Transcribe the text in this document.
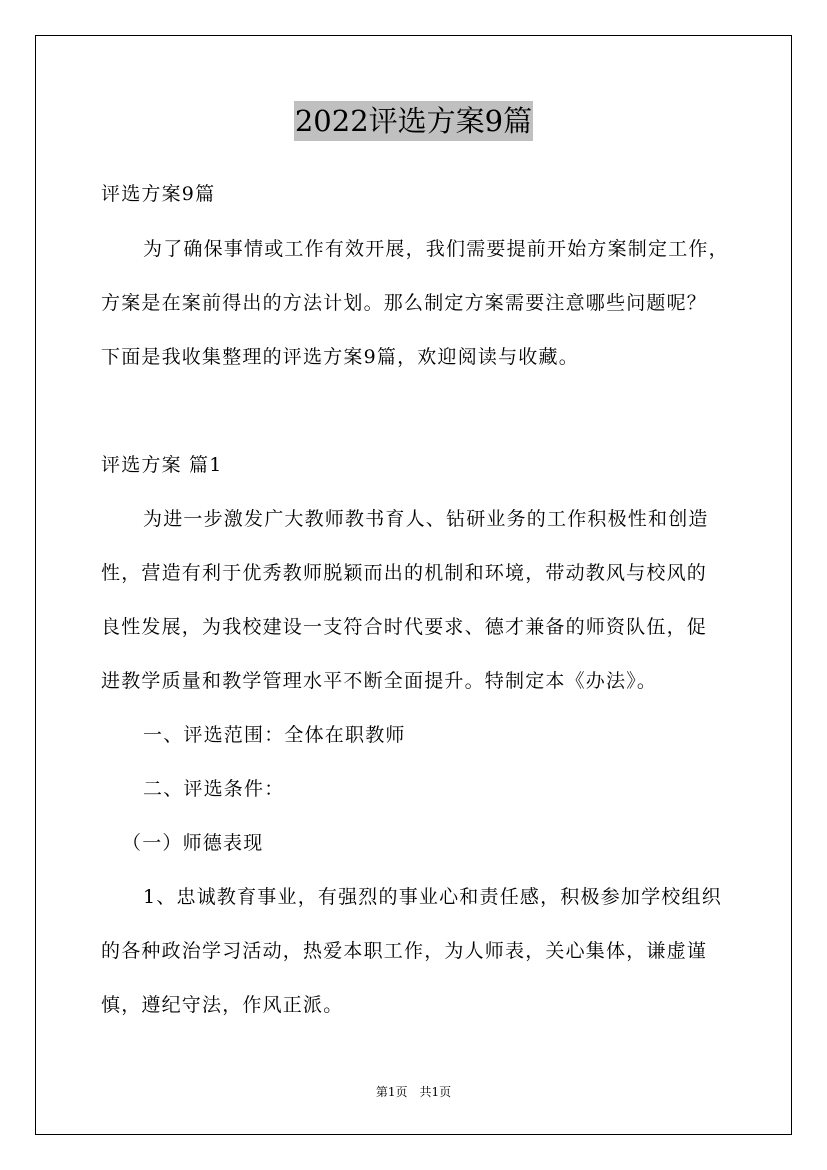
2022评选方案9篇
评选方案9篇
为了确保事情或工作有效开展，我们需要提前开始方案制定工作，
方案是在案前得出的方法计划。那么制定方案需要注意哪些问题呢？
下面是我收集整理的评选方案9篇，欢迎阅读与收藏。
评选方案 篇1
为进一步激发广大教师教书育人、钻研业务的工作积极性和创造
性，营造有利于优秀教师脱颖而出的机制和环境，带动教风与校风的
良性发展，为我校建设一支符合时代要求、德才兼备的师资队伍，促
进教学质量和教学管理水平不断全面提升。特制定本《办法》。
一、评选范围：全体在职教师
二、评选条件：
（一）师德表现
1、忠诚教育事业，有强烈的事业心和责任感，积极参加学校组织
的各种政治学习活动，热爱本职工作，为人师表，关心集体，谦虚谨
慎，遵纪守法，作风正派。
第1页　共1页
